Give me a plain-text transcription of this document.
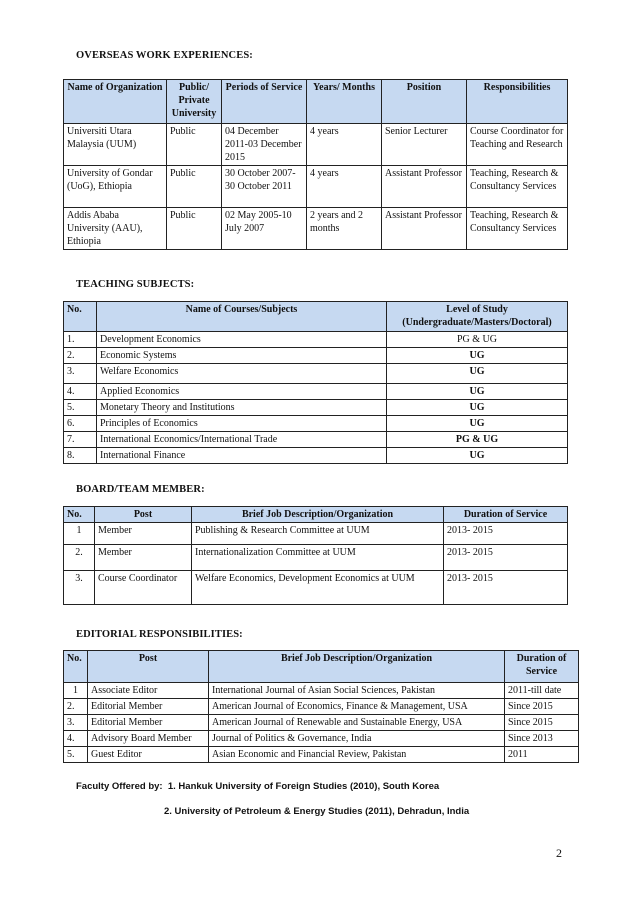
OVERSEAS WORK EXPERIENCES:
Name of Organization	Public/ Private University	Periods of Service	Years/ Months	Position	Responsibilities
Universiti Utara Malaysia (UUM)	Public	04 December 2011-03 December 2015	4 years	Senior Lecturer	Course Coordinator for Teaching and Research
University of Gondar (UoG), Ethiopia	Public	30 October 2007-30 October 2011	4 years	Assistant Professor	Teaching, Research & Consultancy Services
Addis Ababa University (AAU), Ethiopia	Public	02 May 2005-10 July 2007	2 years and 2 months	Assistant Professor	Teaching, Research & Consultancy Services
TEACHING SUBJECTS:
No.	Name of Courses/Subjects	Level of Study (Undergraduate/Masters/Doctoral)
1.	Development Economics	PG & UG
2.	Economic Systems	UG
3.	Welfare Economics	UG
4.	Applied Economics	UG
5.	Monetary Theory and Institutions	UG
6.	Principles of Economics	UG
7.	International Economics/International Trade	PG & UG
8.	International Finance	UG
BOARD/TEAM MEMBER:
No.	Post	Brief Job Description/Organization	Duration of Service
1	Member	Publishing & Research Committee at UUM	2013- 2015
2.	Member	Internationalization Committee at UUM	2013- 2015
3.	Course Coordinator	Welfare Economics, Development Economics at UUM	2013- 2015
EDITORIAL RESPONSIBILITIES:
No.	Post	Brief Job Description/Organization	Duration of Service
1	Associate Editor	International Journal of Asian Social Sciences, Pakistan	2011-till date
2.	Editorial Member	American Journal of Economics, Finance & Management, USA	Since 2015
3.	Editorial Member	American Journal of Renewable and Sustainable Energy, USA	Since 2015
4.	Advisory Board Member	Journal of Politics & Governance, India	Since 2013
5.	Guest Editor	Asian Economic and Financial Review, Pakistan	2011
Faculty Offered by: 1. Hankuk University of Foreign Studies (2010), South Korea
2. University of Petroleum & Energy Studies (2011), Dehradun, India
2
